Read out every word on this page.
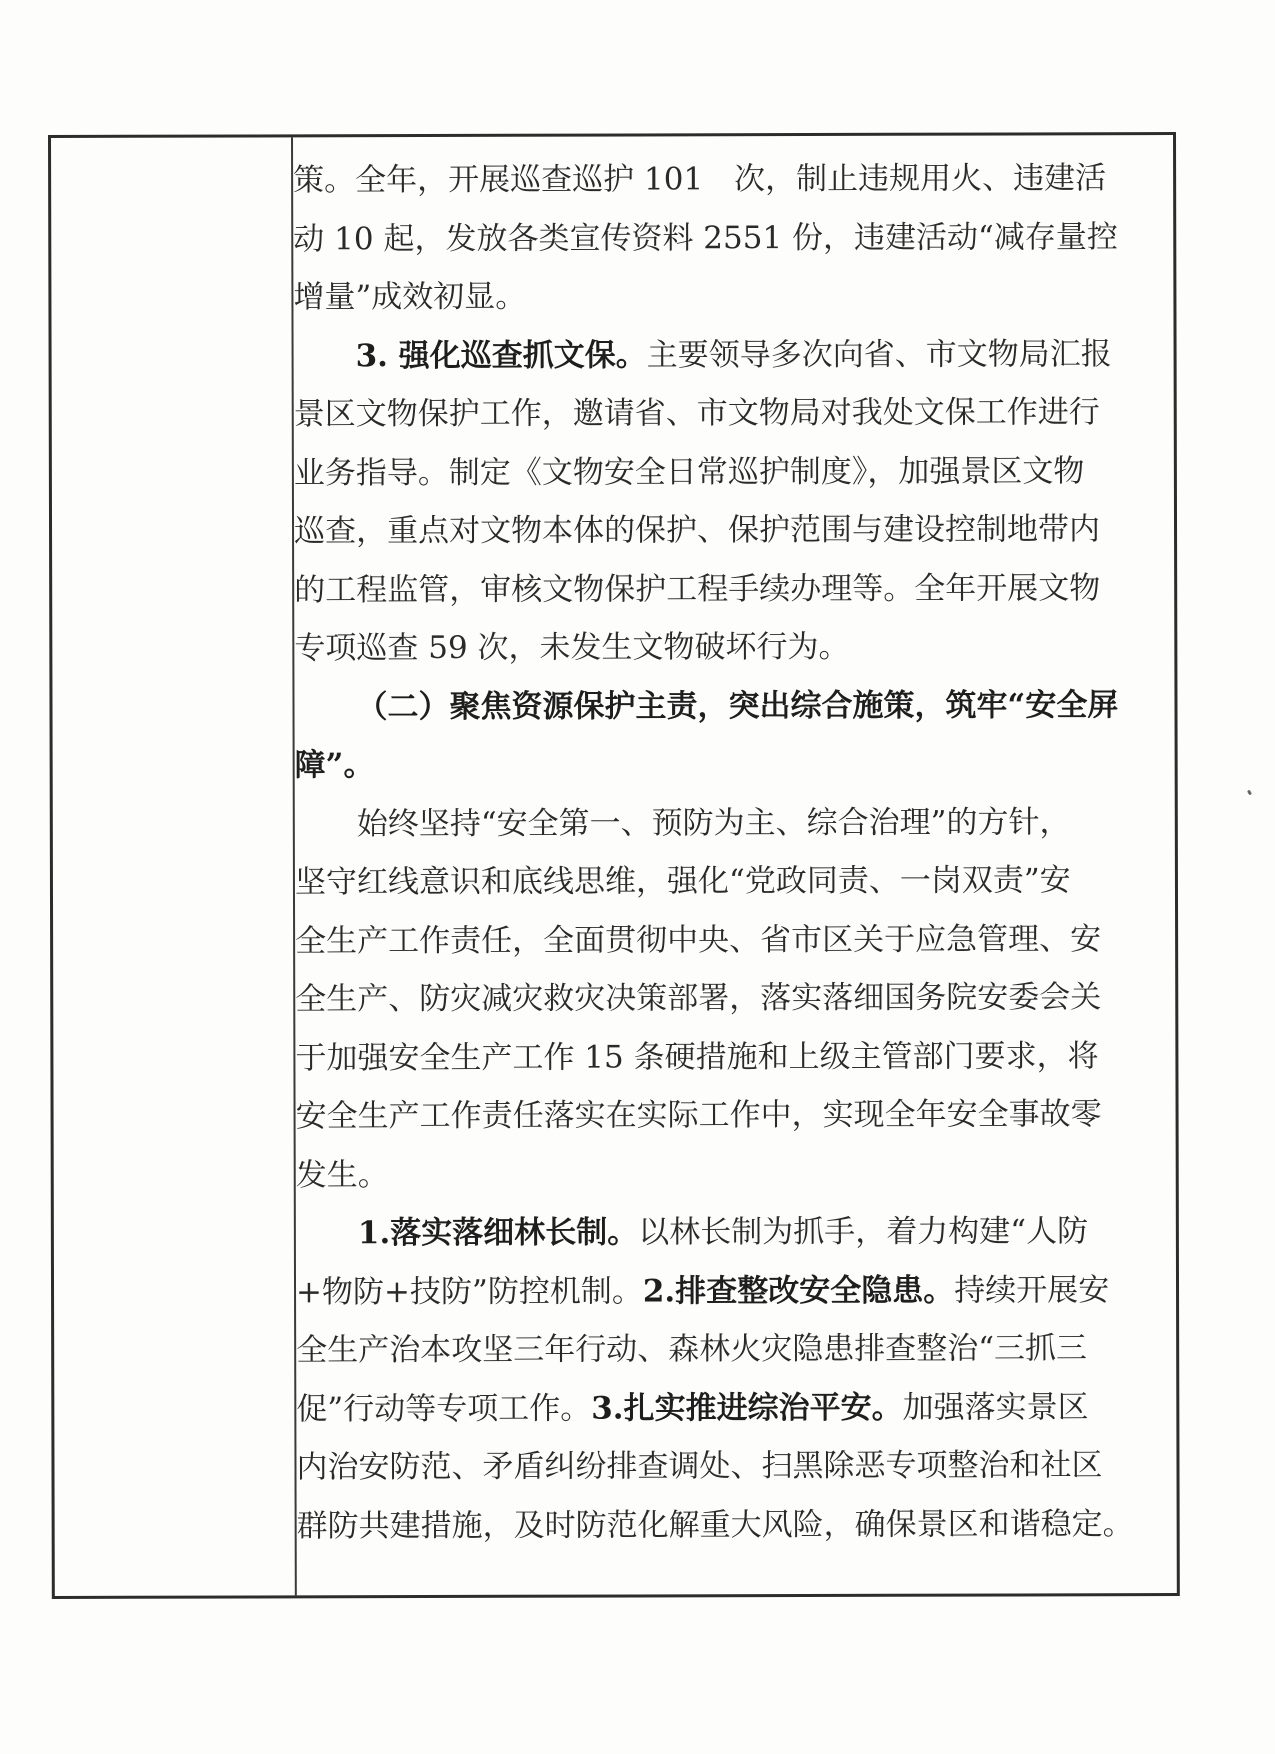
策。全年，开展巡查巡护 101　次，制止违规用火、违建活
动 10 起，发放各类宣传资料 2551 份，违建活动“减存量控
增量”成效初显。
3. 强化巡查抓文保。主要领导多次向省、市文物局汇报
景区文物保护工作，邀请省、市文物局对我处文保工作进行
业务指导。制定《文物安全日常巡护制度》，加强景区文物
巡查，重点对文物本体的保护、保护范围与建设控制地带内
的工程监管，审核文物保护工程手续办理等。全年开展文物
专项巡查 59 次，未发生文物破坏行为。
（二）聚焦资源保护主责，突出综合施策，筑牢“安全屏
障”。
始终坚持“安全第一、预防为主、综合治理”的方针，
坚守红线意识和底线思维，强化“党政同责、一岗双责”安
全生产工作责任，全面贯彻中央、省市区关于应急管理、安
全生产、防灾减灾救灾决策部署，落实落细国务院安委会关
于加强安全生产工作 15 条硬措施和上级主管部门要求，将
安全生产工作责任落实在实际工作中，实现全年安全事故零
发生。
1.落实落细林长制。以林长制为抓手，着力构建“人防
+物防+技防”防控机制。2.排查整改安全隐患。持续开展安
全生产治本攻坚三年行动、森林火灾隐患排查整治“三抓三
促”行动等专项工作。3.扎实推进综治平安。加强落实景区
内治安防范、矛盾纠纷排查调处、扫黑除恶专项整治和社区
群防共建措施，及时防范化解重大风险，确保景区和谐稳定。
